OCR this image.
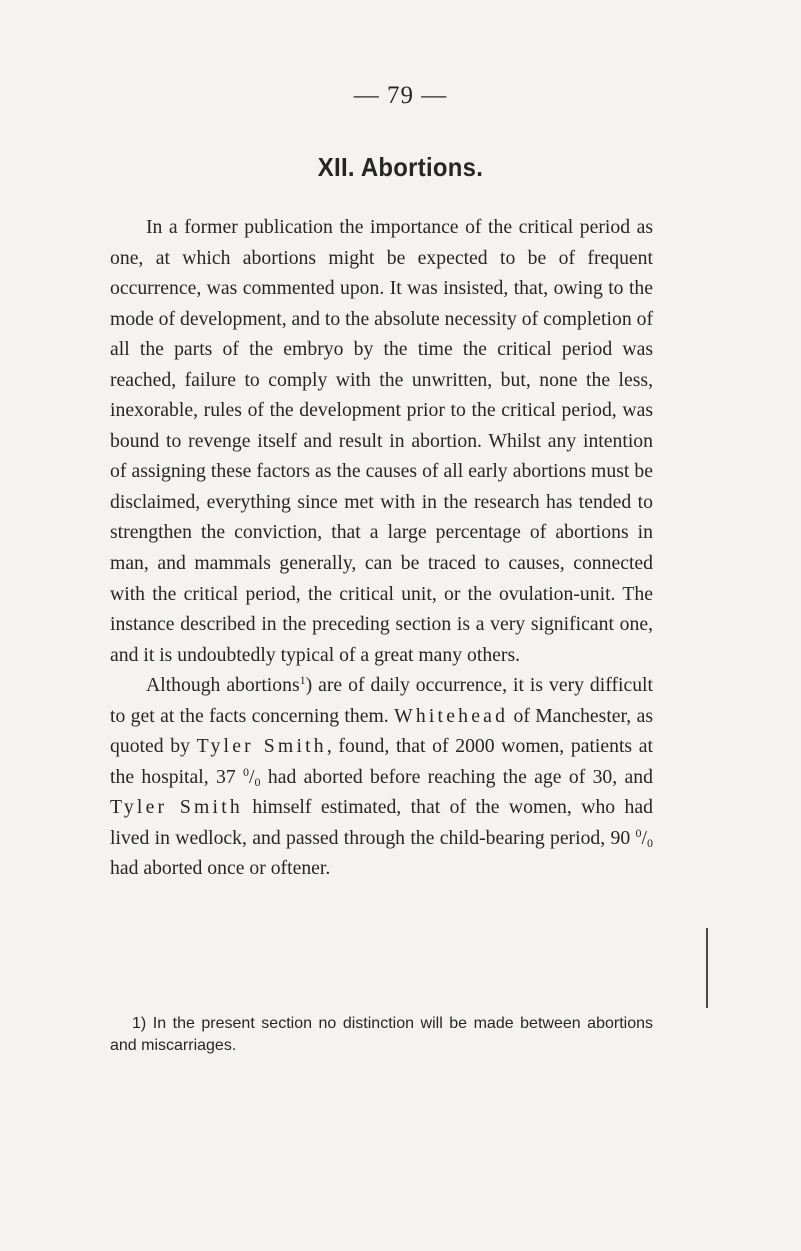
— 79 —
XII. Abortions.

In a former publication the importance of the critical period as one, at which abortions might be expected to be of frequent occurrence, was commented upon. It was insisted, that, owing to the mode of development, and to the absolute necessity of completion of all the parts of the embryo by the time the critical period was reached, failure to comply with the unwritten, but, none the less, inexorable, rules of the development prior to the critical period, was bound to revenge itself and result in abortion. Whilst any intention of assigning these factors as the causes of all early abortions must be disclaimed, everything since met with in the research has tended to strengthen the conviction, that a large percentage of abortions in man, and mammals generally, can be traced to causes, connected with the critical period, the critical unit, or the ovulation-unit. The instance described in the preceding section is a very significant one, and it is undoubtedly typical of a great many others.

Although abortions$^1$) are of daily occurrence, it is very difficult to get at the facts concerning them. Whitehead of Manchester, as quoted by Tyler Smith, found, that of 2000 women, patients at the hospital, 37 $^0/_0$ had aborted before reaching the age of 30, and Tyler Smith himself estimated, that of the women, who had lived in wedlock, and passed through the child-bearing period, 90 $^0/_0$ had aborted once or oftener.

1) In the present section no distinction will be made between abortions and miscarriages.
